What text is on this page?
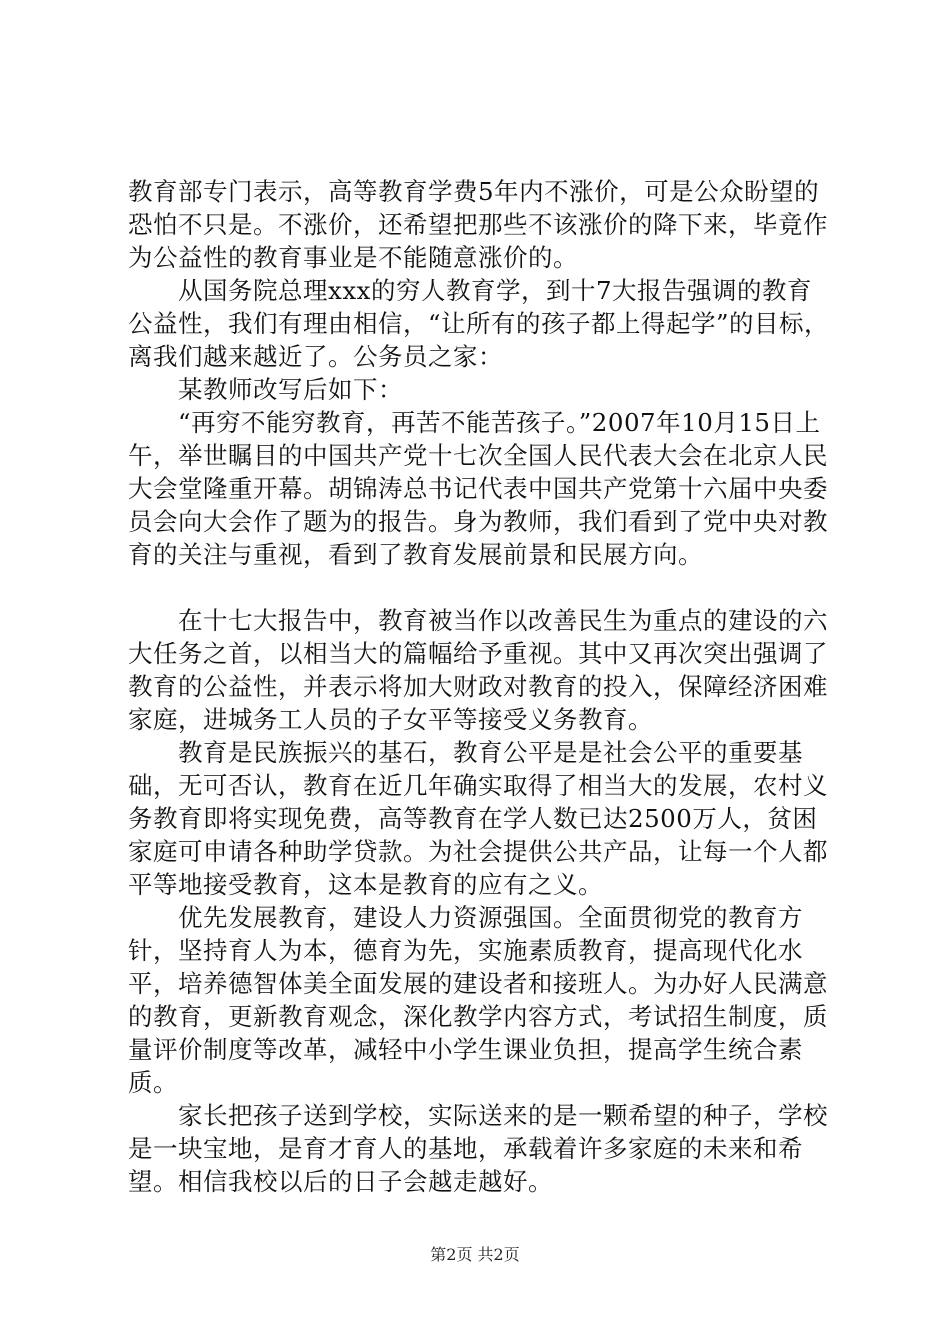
教育部专门表示，高等教育学费5年内不涨价，可是公众盼望的恐怕不只是。不涨价，还希望把那些不该涨价的降下来，毕竟作为公益性的教育事业是不能随意涨价的。

从国务院总理xxx的穷人教育学，到十7大报告强调的教育公益性，我们有理由相信，“让所有的孩子都上得起学”的目标，离我们越来越近了。公务员之家：

某教师改写后如下：

“再穷不能穷教育，再苦不能苦孩子。”2007年10月15日上午，举世瞩目的中国共产党十七次全国人民代表大会在北京人民大会堂隆重开幕。胡锦涛总书记代表中国共产党第十六届中央委员会向大会作了题为的报告。身为教师，我们看到了党中央对教育的关注与重视，看到了教育发展前景和民展方向。

在十七大报告中，教育被当作以改善民生为重点的建设的六大任务之首，以相当大的篇幅给予重视。其中又再次突出强调了教育的公益性，并表示将加大财政对教育的投入，保障经济困难家庭，进城务工人员的子女平等接受义务教育。

教育是民族振兴的基石，教育公平是是社会公平的重要基础，无可否认，教育在近几年确实取得了相当大的发展，农村义务教育即将实现免费，高等教育在学人数已达2500万人，贫困家庭可申请各种助学贷款。为社会提供公共产品，让每一个人都平等地接受教育，这本是教育的应有之义。

优先发展教育，建设人力资源强国。全面贯彻党的教育方针，坚持育人为本，德育为先，实施素质教育，提高现代化水平，培养德智体美全面发展的建设者和接班人。为办好人民满意的教育，更新教育观念，深化教学内容方式，考试招生制度，质量评价制度等改革，减轻中小学生课业负担，提高学生统合素质。

家长把孩子送到学校，实际送来的是一颗希望的种子，学校是一块宝地，是育才育人的基地，承载着许多家庭的未来和希望。相信我校以后的日子会越走越好。

第2页 共2页
